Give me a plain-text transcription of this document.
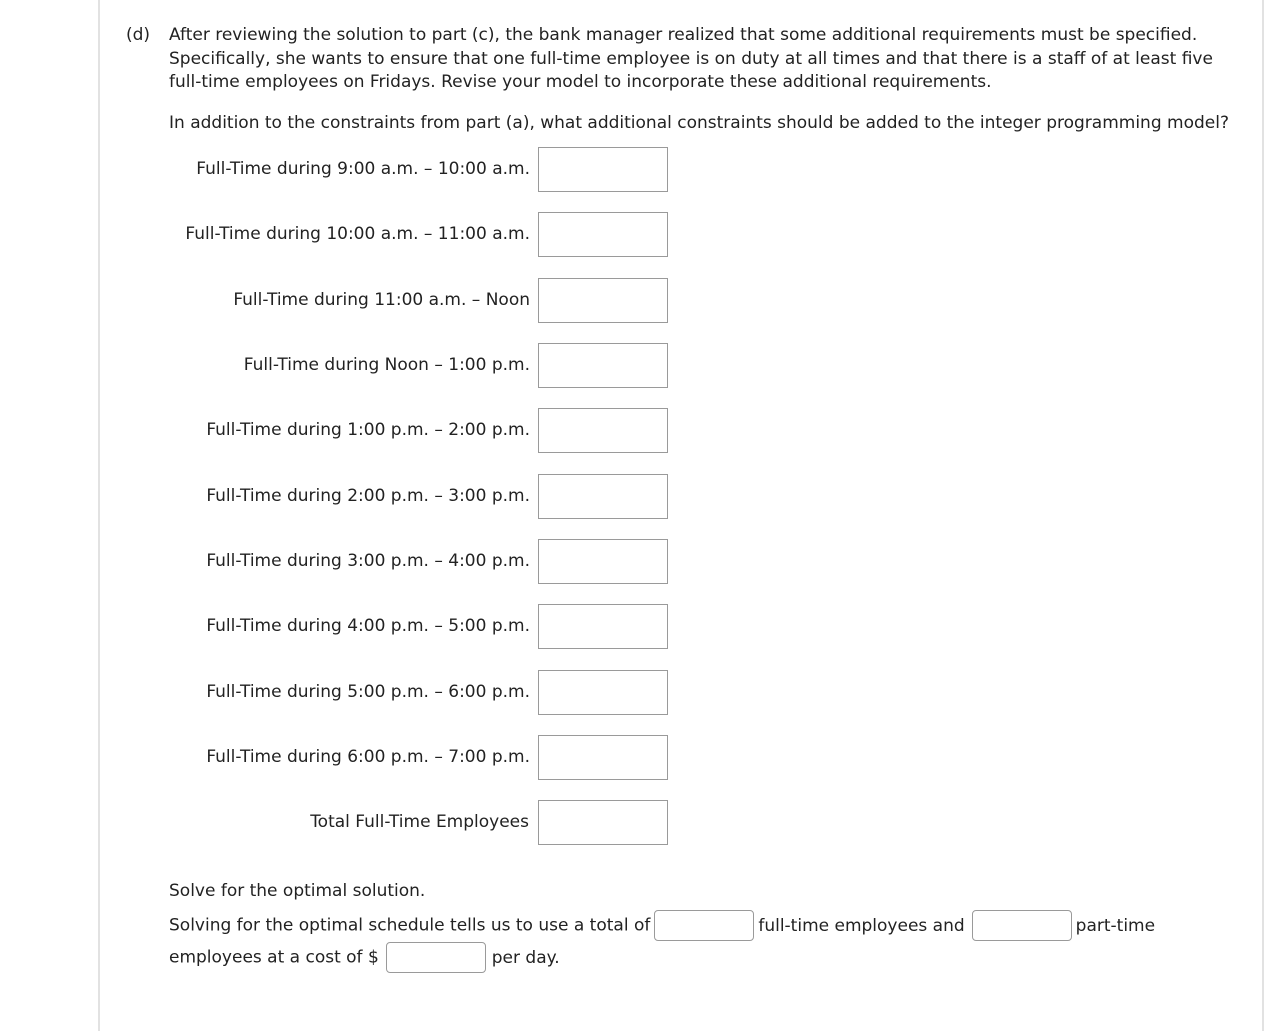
(d) After reviewing the solution to part (c), the bank manager realized that some additional requirements must be specified. Specifically, she wants to ensure that one full-time employee is on duty at all times and that there is a staff of at least five full-time employees on Fridays. Revise your model to incorporate these additional requirements.
In addition to the constraints from part (a), what additional constraints should be added to the integer programming model?
Full-Time during 9:00 a.m. – 10:00 a.m.
Full-Time during 10:00 a.m. – 11:00 a.m.
Full-Time during 11:00 a.m. – Noon
Full-Time during Noon – 1:00 p.m.
Full-Time during 1:00 p.m. – 2:00 p.m.
Full-Time during 2:00 p.m. – 3:00 p.m.
Full-Time during 3:00 p.m. – 4:00 p.m.
Full-Time during 4:00 p.m. – 5:00 p.m.
Full-Time during 5:00 p.m. – 6:00 p.m.
Full-Time during 6:00 p.m. – 7:00 p.m.
Total Full-Time Employees
Solve for the optimal solution.
Solving for the optimal schedule tells us to use a total of	full-time employees and	part-time
employees at a cost of $	per day.
